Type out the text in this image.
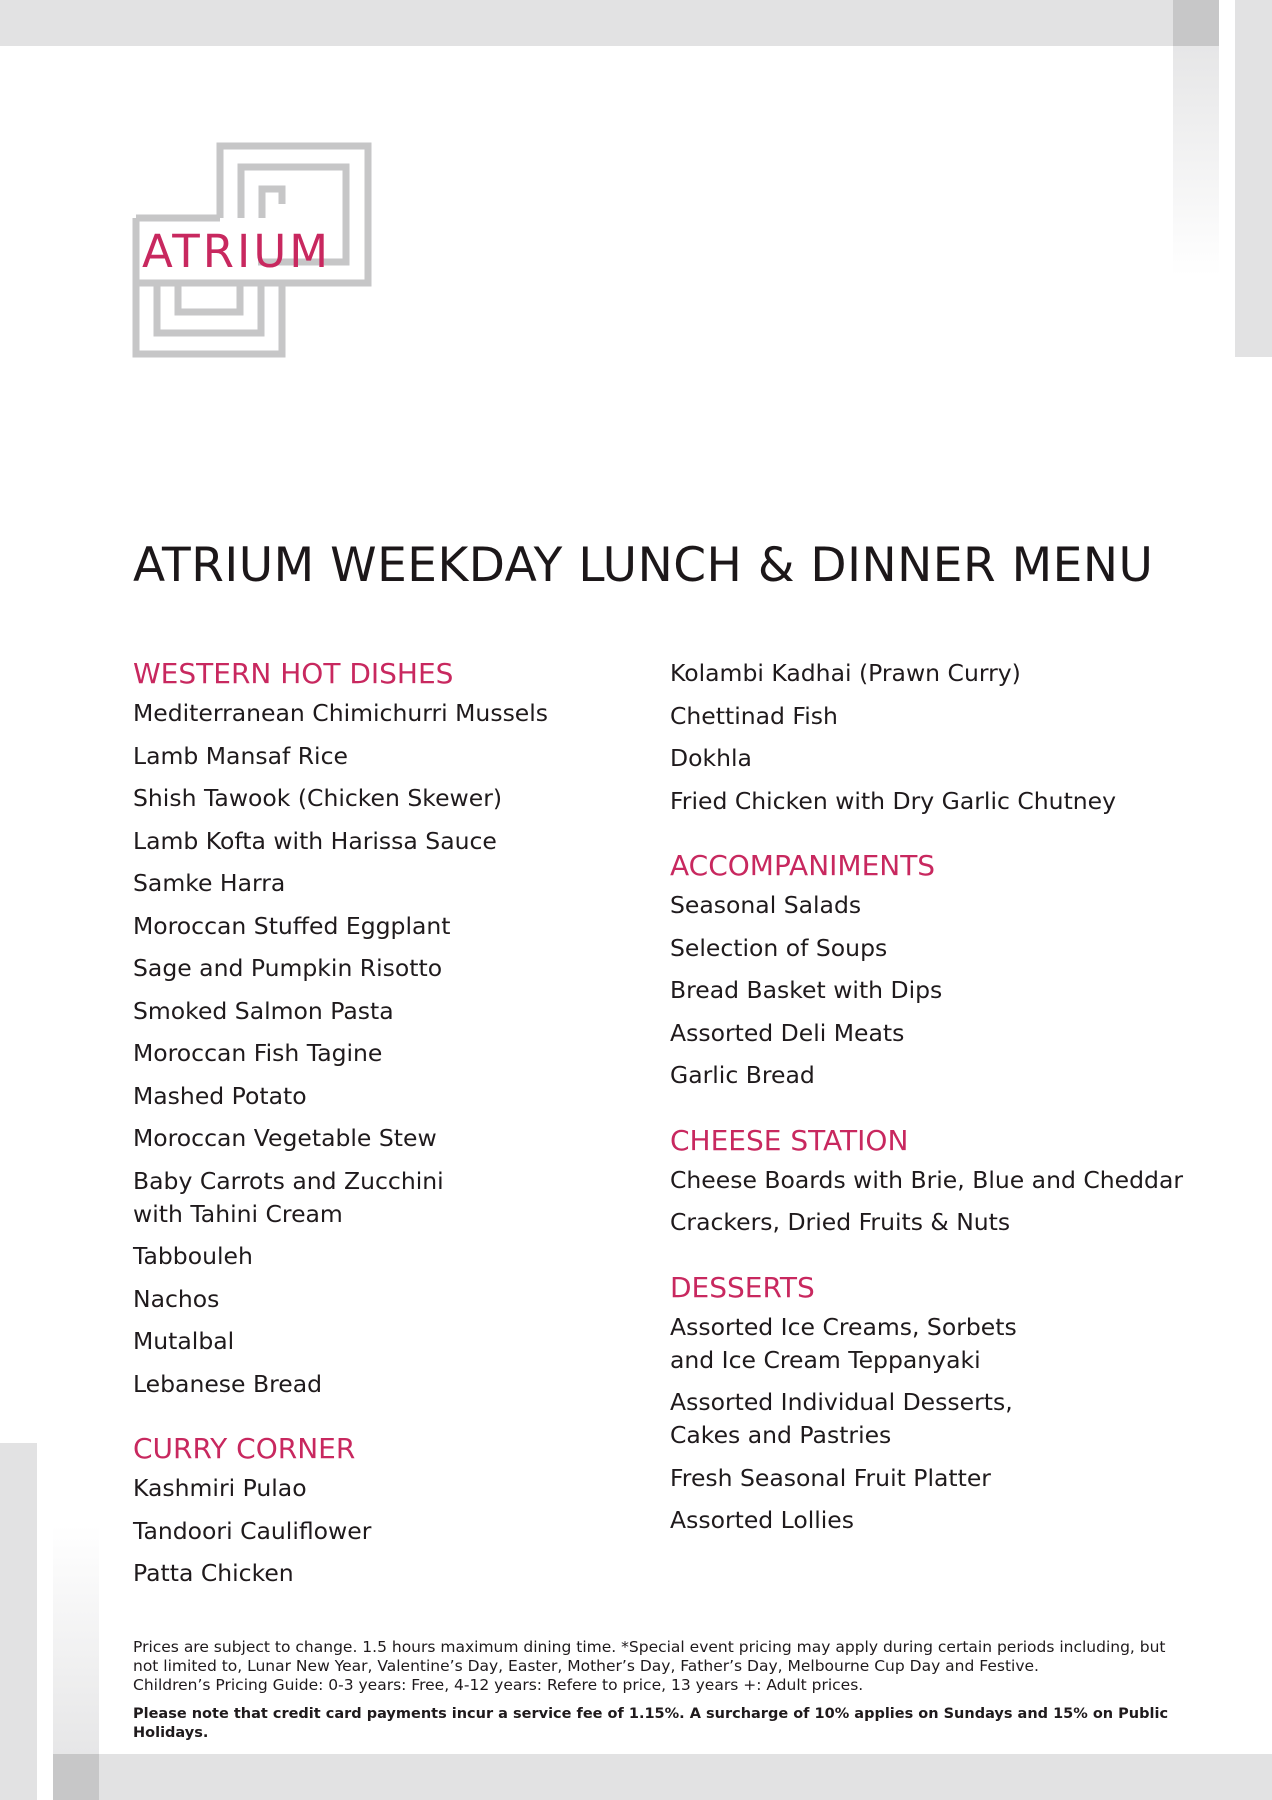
ATRIUM
ATRIUM WEEKDAY LUNCH & DINNER MENU
WESTERN HOT DISHES
Mediterranean Chimichurri Mussels
Lamb Mansaf Rice
Shish Tawook (Chicken Skewer)
Lamb Kofta with Harissa Sauce
Samke Harra
Moroccan Stuffed Eggplant
Sage and Pumpkin Risotto
Smoked Salmon Pasta
Moroccan Fish Tagine
Mashed Potato
Moroccan Vegetable Stew
Baby Carrots and Zucchini with Tahini Cream
Tabbouleh
Nachos
Mutalbal
Lebanese Bread
CURRY CORNER
Kashmiri Pulao
Tandoori Cauliflower
Patta Chicken
Kolambi Kadhai (Prawn Curry)
Chettinad Fish
Dokhla
Fried Chicken with Dry Garlic Chutney
ACCOMPANIMENTS
Seasonal Salads
Selection of Soups
Bread Basket with Dips
Assorted Deli Meats
Garlic Bread
CHEESE STATION
Cheese Boards with Brie, Blue and Cheddar
Crackers, Dried Fruits & Nuts
DESSERTS
Assorted Ice Creams, Sorbets and Ice Cream Teppanyaki
Assorted Individual Desserts, Cakes and Pastries
Fresh Seasonal Fruit Platter
Assorted Lollies

Prices are subject to change. 1.5 hours maximum dining time. *Special event pricing may apply during certain periods including, but not limited to, Lunar New Year, Valentine’s Day, Easter, Mother’s Day, Father’s Day, Melbourne Cup Day and Festive.

Children’s Pricing Guide: 0-3 years: Free, 4-12 years: Refere to price, 13 years +: Adult prices.

Please note that credit card payments incur a service fee of 1.15%. A surcharge of 10% applies on Sundays and 15% on Public Holidays.
